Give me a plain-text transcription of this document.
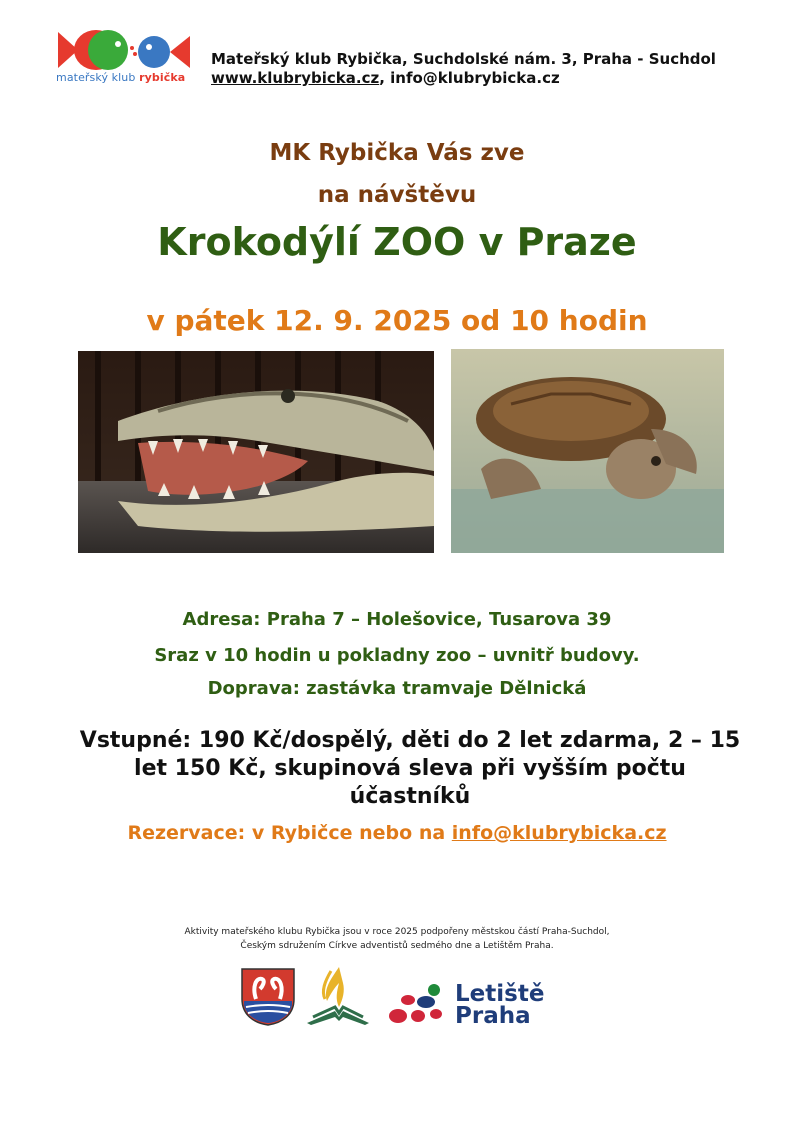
mateřský klub rybička
Mateřský klub Rybička, Suchdolské nám. 3, Praha - Suchdol
www.klubrybicka.cz, info@klubrybicka.cz
MK Rybička Vás zve
na návštěvu
Krokodýlí ZOO v Praze
v pátek 12. 9. 2025 od 10 hodin
Adresa: Praha 7 – Holešovice, Tusarova 39
Sraz v 10 hodin u pokladny zoo – uvnitř budovy.
Doprava: zastávka tramvaje Dělnická
Vstupné: 190 Kč/dospělý, děti do 2 let zdarma, 2 – 15 let 150 Kč, skupinová sleva při vyšším počtu účastníků
Rezervace: v Rybičce nebo na info@klubrybicka.cz
Aktivity mateřského klubu Rybička jsou v roce 2025 podpořeny městskou částí Praha-Suchdol,
Českým sdružením Církve adventistů sedmého dne a Letištěm Praha.
Letiště
Praha
